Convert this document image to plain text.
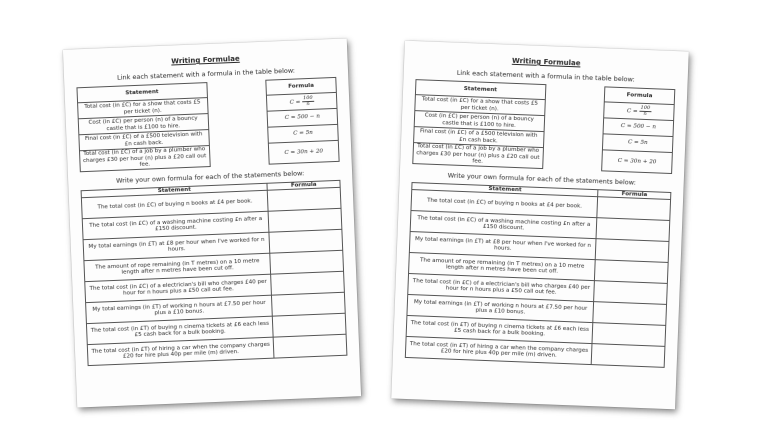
Writing Formulae
Link each statement with a formula in the table below:
Statement		Formula
Total cost (in £C) for a show that costs £5 per ticket (n).		$C = \frac{100}{n}$

Cost (in £C) per person (n) of a bouncy castle that is £100 to hire.		C = 500 − n
Final cost (in £C) of a £500 television with £n cash back.		C = 5n
Total cost (in £C) of a job by a plumber who charges £30 per hour (n) plus a £20 call out fee.		C = 30n + 20
Write your own formula for each of the statements below:
Statement	Formula
The total cost (in £C) of buying n books at £4 per book.	
The total cost (in £C) of a washing machine costing £n after a £150 discount.	
My total earnings (in £T) at £8 per hour when I've worked for n hours.	
The amount of rope remaining (in T metres) on a 10 metre length after n metres have been cut off.	
The total cost (in £C) of a electrician's bill who charges £40 per hour for n hours plus a £50 call out fee.	
My total earnings (in £T) of working n hours at £7.50 per hour plus a £10 bonus.	
The total cost (in £T) of buying n cinema tickets at £6 each less £5 cash back for a bulk booking.	
The total cost (in £T) of hiring a car when the company charges £20 for hire plus 40p per mile (m) driven.	
Writing Formulae
Link each statement with a formula in the table below:
Statement		Formula
Total cost (in £C) for a show that costs £5 per ticket (n).		$C = \frac{100}{n}$

Cost (in £C) per person (n) of a bouncy castle that is £100 to hire.		C = 500 − n
Final cost (in £C) of a £500 television with £n cash back.		C = 5n
Total cost (in £C) of a job by a plumber who charges £30 per hour (n) plus a £20 call out fee.		C = 30n + 20
Write your own formula for each of the statements below:
Statement	Formula
The total cost (in £C) of buying n books at £4 per book.	
The total cost (in £C) of a washing machine costing £n after a £150 discount.	
My total earnings (in £T) at £8 per hour when I've worked for n hours.	
The amount of rope remaining (in T metres) on a 10 metre length after n metres have been cut off.	
The total cost (in £C) of a electrician's bill who charges £40 per hour for n hours plus a £50 call out fee.	
My total earnings (in £T) of working n hours at £7.50 per hour plus a £10 bonus.	
The total cost (in £T) of buying n cinema tickets at £6 each less £5 cash back for a bulk booking.	
The total cost (in £T) of hiring a car when the company charges £20 for hire plus 40p per mile (m) driven.	
